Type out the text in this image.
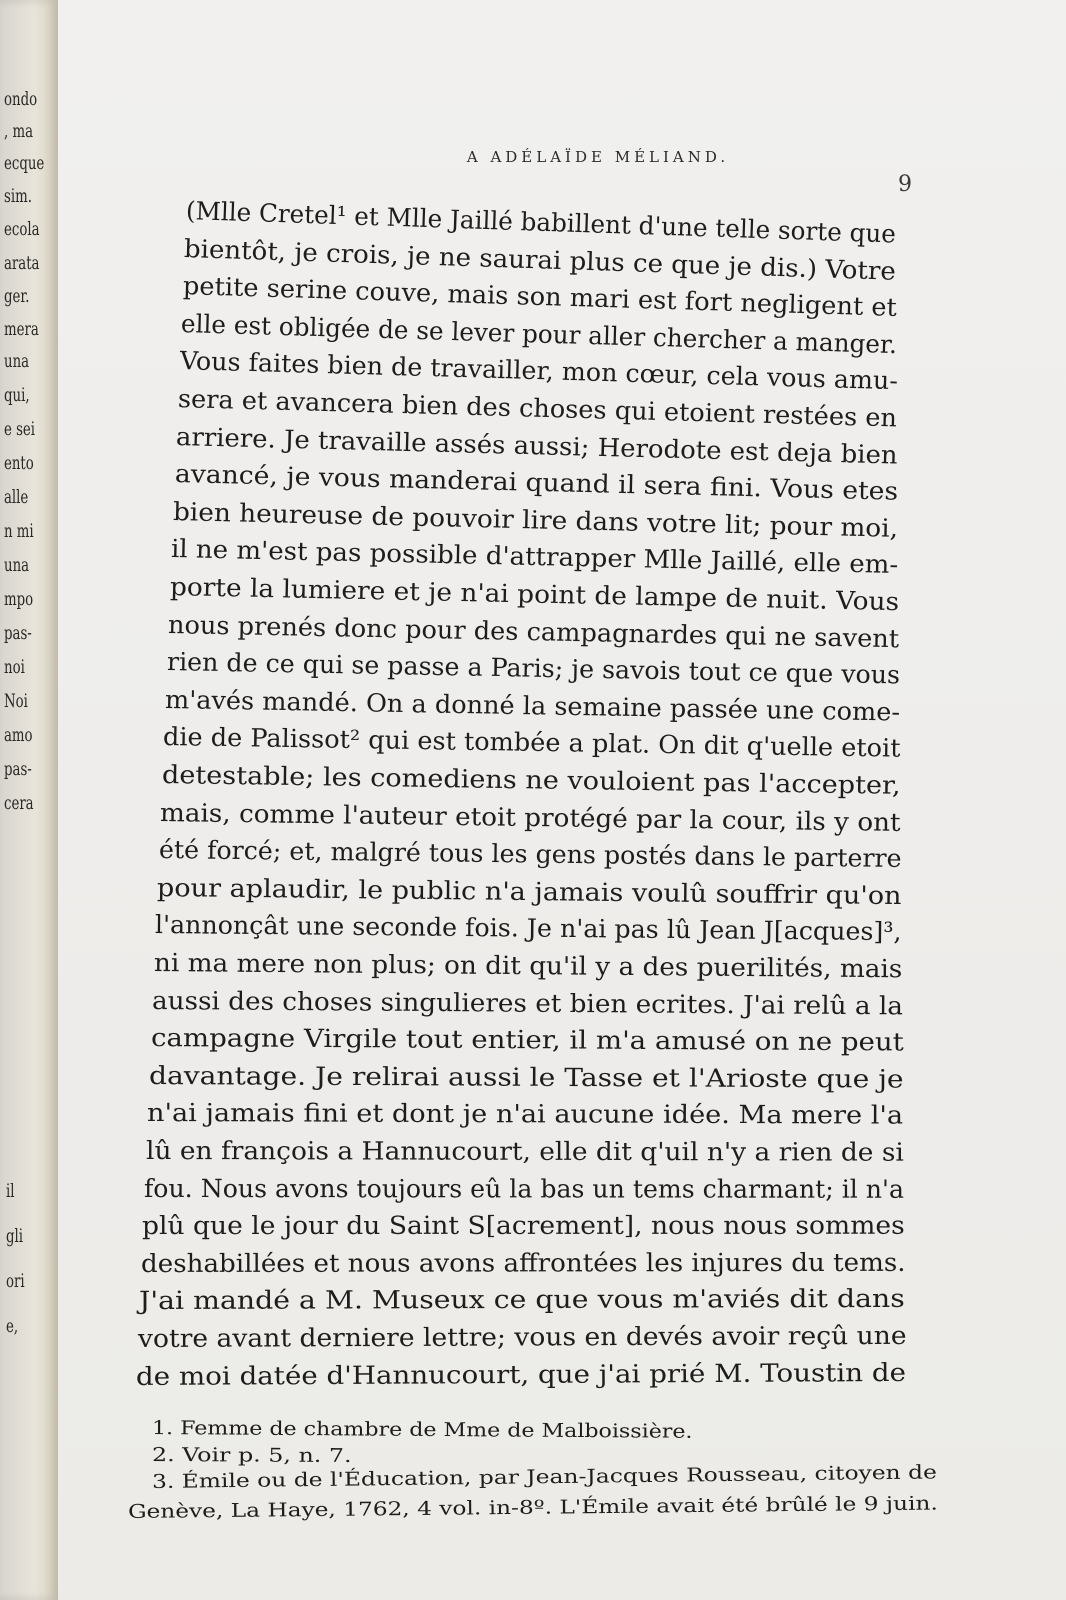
ondo
, ma
ecque
sim.
ecola
arata
ger.
mera
una
qui,
e sei
ento
alle
n mi
una
mpo
pas-
noi
Noi
amo
pas-
cera
il
gli
ori
e,
A ADÉLAÏDE MÉLIAND.
9
(Mlle Cretel¹ et Mlle Jaillé babillent d'une telle sorte que
bientôt, je crois, je ne saurai plus ce que je dis.) Votre
petite serine couve, mais son mari est fort negligent et
elle est obligée de se lever pour aller chercher a manger.
Vous faites bien de travailler, mon cœur, cela vous amu-
sera et avancera bien des choses qui etoient restées en
arriere. Je travaille assés aussi; Herodote est deja bien
avancé, je vous manderai quand il sera fini. Vous etes
bien heureuse de pouvoir lire dans votre lit; pour moi,
il ne m'est pas possible d'attrapper Mlle Jaillé, elle em-
porte la lumiere et je n'ai point de lampe de nuit. Vous
nous prenés donc pour des campagnardes qui ne savent
rien de ce qui se passe a Paris; je savois tout ce que vous
m'avés mandé. On a donné la semaine passée une come-
die de Palissot² qui est tombée a plat. On dit q'uelle etoit
detestable; les comediens ne vouloient pas l'accepter,
mais, comme l'auteur etoit protégé par la cour, ils y ont
été forcé; et, malgré tous les gens postés dans le parterre
pour aplaudir, le public n'a jamais voulû souffrir qu'on
l'annonçât une seconde fois. Je n'ai pas lû Jean J[acques]³,
ni ma mere non plus; on dit qu'il y a des puerilités, mais
aussi des choses singulieres et bien ecrites. J'ai relû a la
campagne Virgile tout entier, il m'a amusé on ne peut
davantage. Je relirai aussi le Tasse et l'Arioste que je
n'ai jamais fini et dont je n'ai aucune idée. Ma mere l'a
lû en françois a Hannucourt, elle dit q'uil n'y a rien de si
fou. Nous avons toujours eû la bas un tems charmant; il n'a
plû que le jour du Saint S[acrement], nous nous sommes
deshabillées et nous avons affrontées les injures du tems.
J'ai mandé a M. Museux ce que vous m'aviés dit dans
votre avant derniere lettre; vous en devés avoir reçû une
de moi datée d'Hannucourt, que j'ai prié M. Toustin de
1. Femme de chambre de Mme de Malboissière.
2. Voir p. 5, n. 7.
3. Émile ou de l'Éducation, par Jean-Jacques Rousseau, citoyen de
Genève, La Haye, 1762, 4 vol. in-8º. L'Émile avait été brûlé le 9 juin.
